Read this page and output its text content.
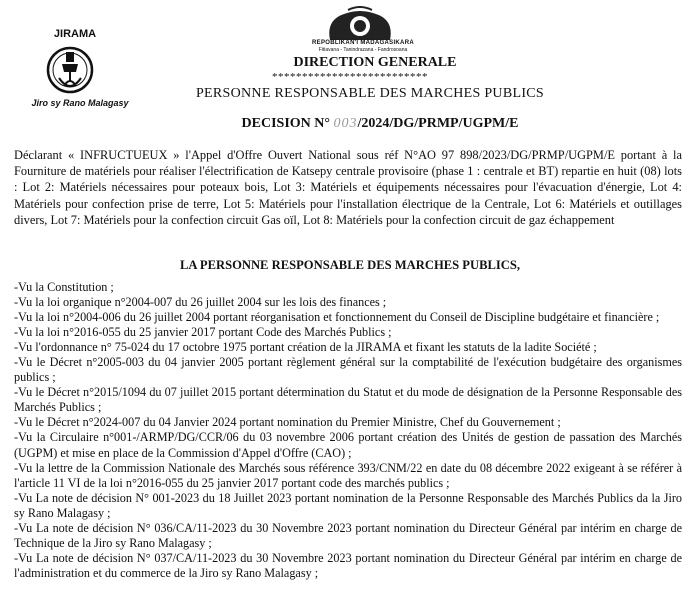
JIRAMA
Jiro sy Rano Malagasy
REPOBLIKAN'I MADAGASIKARA
Fitiavana - Tanindrazana - Fandrosoana
DIRECTION GENERALE
**************************
PERSONNE RESPONSABLE DES MARCHES PUBLICS
DECISION N° 003/2024/DG/PRMP/UGPM/E
Déclarant « INFRUCTUEUX » l'Appel d'Offre Ouvert National sous réf N°AO 97 898/2023/DG/PRMP/UGPM/E portant à la Fourniture de matériels pour réaliser l'électrification de Katsepy centrale provisoire (phase 1 : centrale et BT) repartie en huit (08) lots : Lot 2: Matériels nécessaires pour poteaux bois, Lot 3: Matériels et équipements nécessaires pour l'évacuation d'énergie, Lot 4: Matériels pour confection prise de terre, Lot 5: Matériels pour l'installation électrique de la Centrale, Lot 6: Matériels et outillages divers, Lot 7: Matériels pour la confection circuit Gas oïl, Lot 8: Matériels pour la confection circuit de gaz échappement
LA PERSONNE RESPONSABLE DES MARCHES PUBLICS,
-Vu la Constitution ;
-Vu la loi organique n°2004-007 du 26 juillet 2004 sur les lois des finances ;
-Vu la loi n°2004-006 du 26 juillet 2004 portant réorganisation et fonctionnement du Conseil de Discipline budgétaire et financière ;
-Vu la loi n°2016-055 du 25 janvier 2017 portant Code des Marchés Publics ;
-Vu l'ordonnance n° 75-024 du 17 octobre 1975 portant création de la JIRAMA et fixant les statuts de la ladite Société ;
-Vu le Décret n°2005-003 du 04 janvier 2005 portant règlement général sur la comptabilité de l'exécution budgétaire des organismes publics ;
-Vu le Décret n°2015/1094 du 07 juillet 2015 portant détermination du Statut et du mode de désignation de la Personne Responsable des Marchés Publics ;
-Vu le Décret n°2024-007 du 04 Janvier 2024 portant nomination du Premier Ministre, Chef du Gouvernement ;
-Vu la Circulaire n°001-/ARMP/DG/CCR/06 du 03 novembre 2006 portant création des Unités de gestion de passation des Marchés (UGPM) et mise en place de la Commission d'Appel d'Offre (CAO) ;
-Vu la lettre de la Commission Nationale des Marchés sous référence 393/CNM/22 en date du 08 décembre 2022 exigeant à se référer à l'article 11 VI de la loi n°2016-055 du 25 janvier 2017 portant code des marchés publics ;
-Vu La note de décision N° 001-2023 du 18 Juillet 2023 portant nomination de la Personne Responsable des Marchés Publics da la Jiro sy Rano Malagasy ;
-Vu La note de décision N° 036/CA/11-2023 du 30 Novembre 2023 portant nomination du Directeur Général par intérim en charge de Technique de la Jiro sy Rano Malagasy ;
-Vu La note de décision N° 037/CA/11-2023 du 30 Novembre 2023 portant nomination du Directeur Général par intérim en charge de l'administration et du commerce de la Jiro sy Rano Malagasy ;
